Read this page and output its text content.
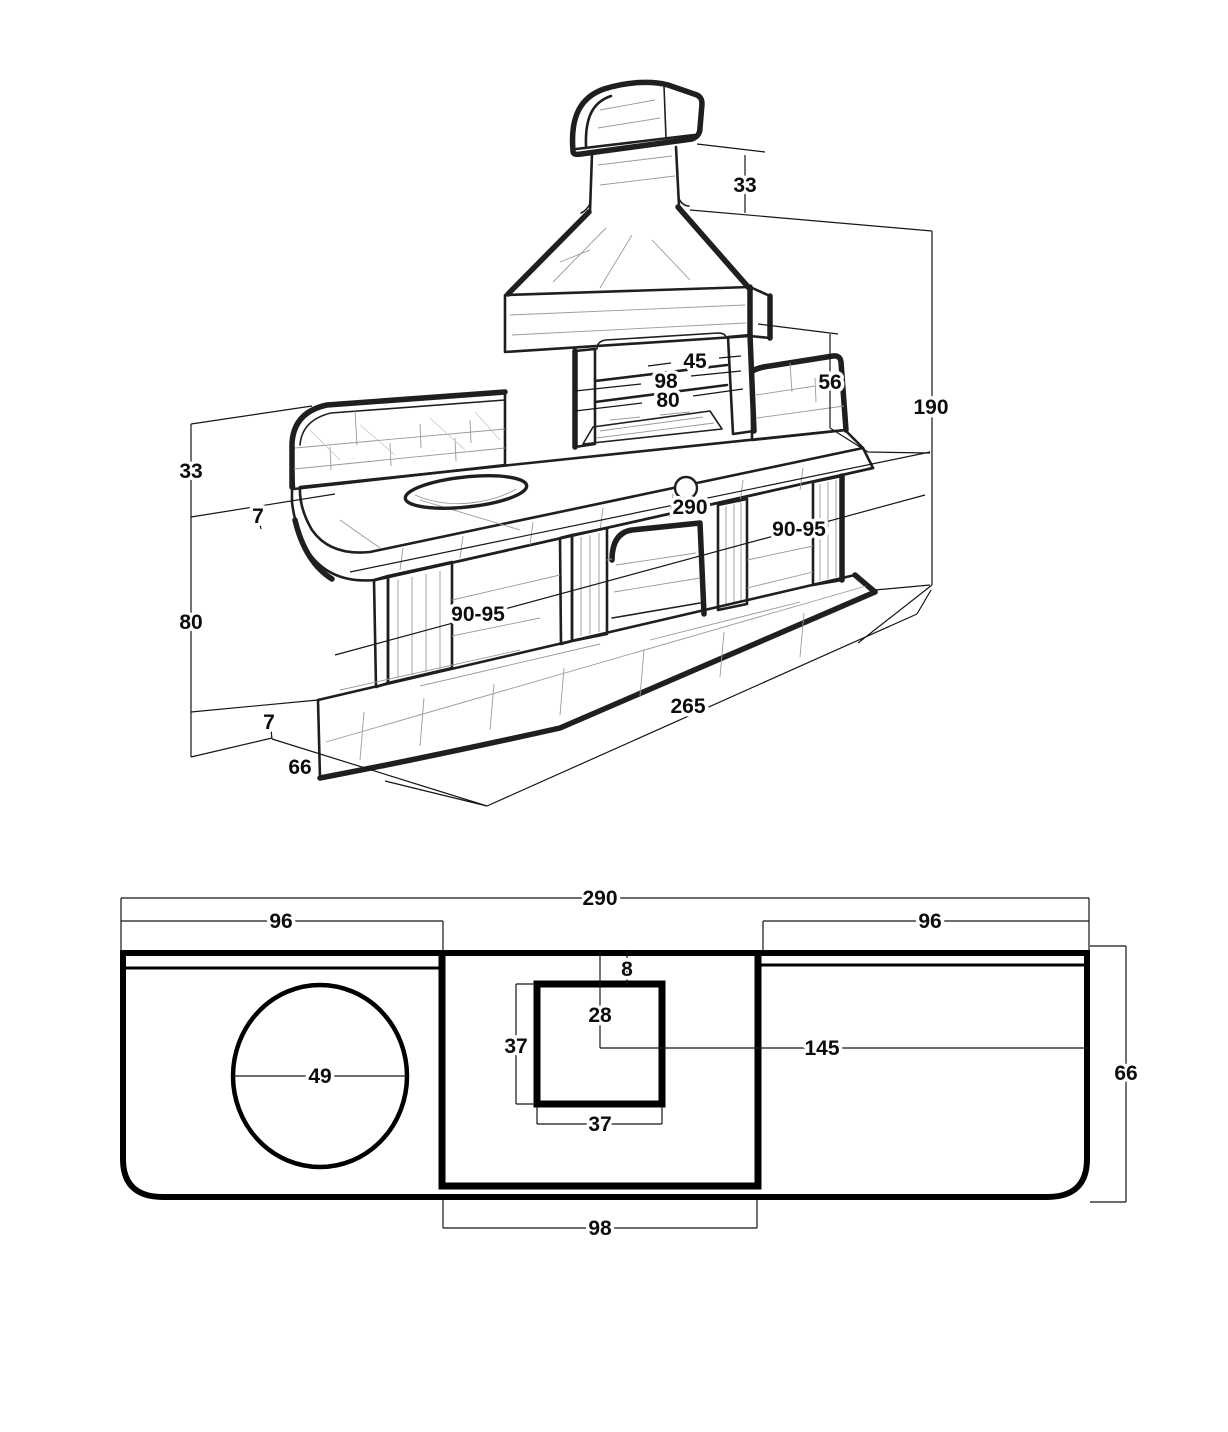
33
190
56
45
98
80
290
90-95
90-95
33
7
80
7
66
265
49
290
96	96
8
28
145
37
37
66
98
